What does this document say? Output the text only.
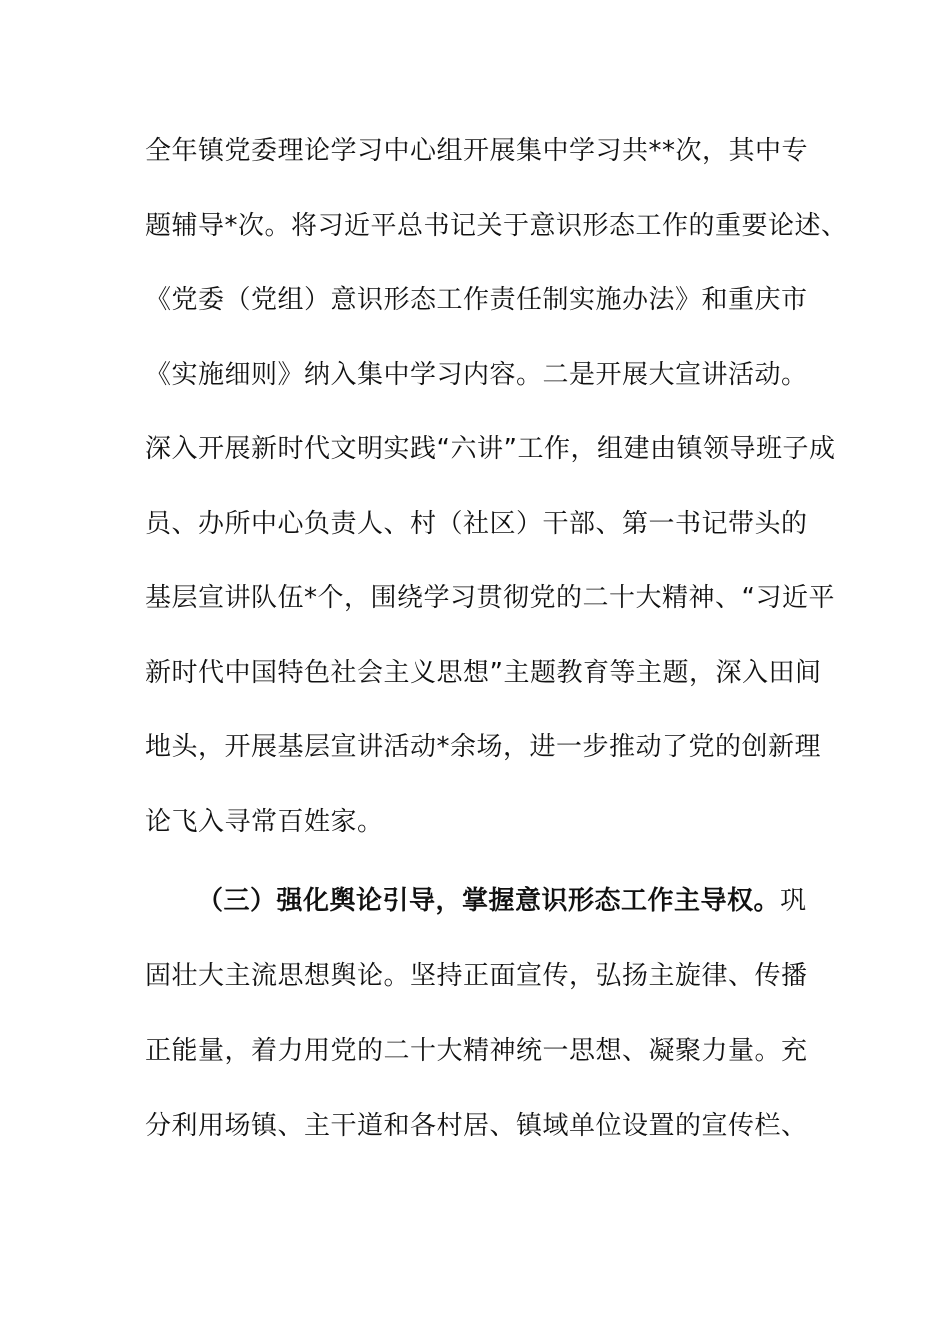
全年镇党委理论学习中心组开展集中学习共**次，其中专
题辅导*次。将习近平总书记关于意识形态工作的重要论述、
《党委（党组）意识形态工作责任制实施办法》和重庆市
《实施细则》纳入集中学习内容。二是开展大宣讲活动。
深入开展新时代文明实践“六讲”工作，组建由镇领导班子成
员、办所中心负责人、村（社区）干部、第一书记带头的
基层宣讲队伍*个，围绕学习贯彻党的二十大精神、“习近平
新时代中国特色社会主义思想”主题教育等主题，深入田间
地头，开展基层宣讲活动*余场，进一步推动了党的创新理
论飞入寻常百姓家。
（三）强化舆论引导，掌握意识形态工作主导权。巩
固壮大主流思想舆论。坚持正面宣传，弘扬主旋律、传播
正能量，着力用党的二十大精神统一思想、凝聚力量。充
分利用场镇、主干道和各村居、镇域单位设置的宣传栏、
